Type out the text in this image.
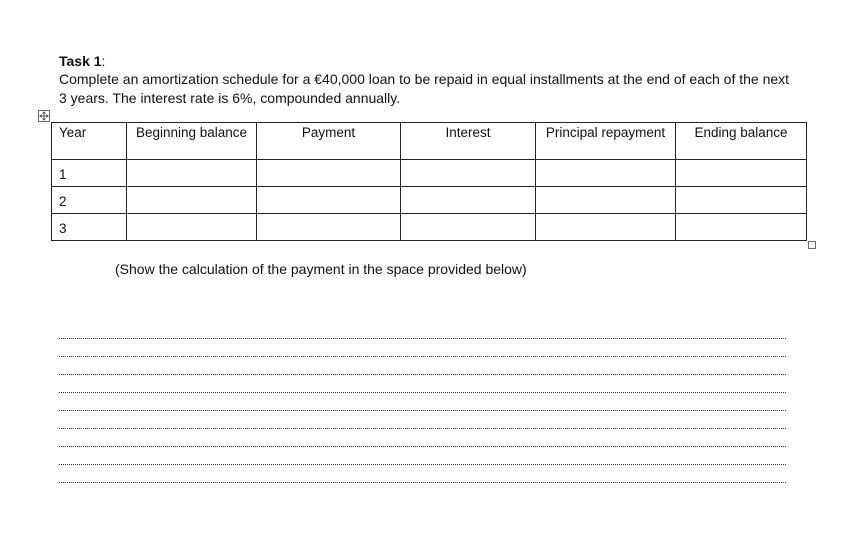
Task 1:
Complete an amortization schedule for a €40,000 loan to be repaid in equal installments at the end of each of the next 3 years. The interest rate is 6%, compounded annually.
Year	Beginning balance	Payment	Interest	Principal repayment	Ending balance
1					
2					
3					
(Show the calculation of the payment in the space provided below)
